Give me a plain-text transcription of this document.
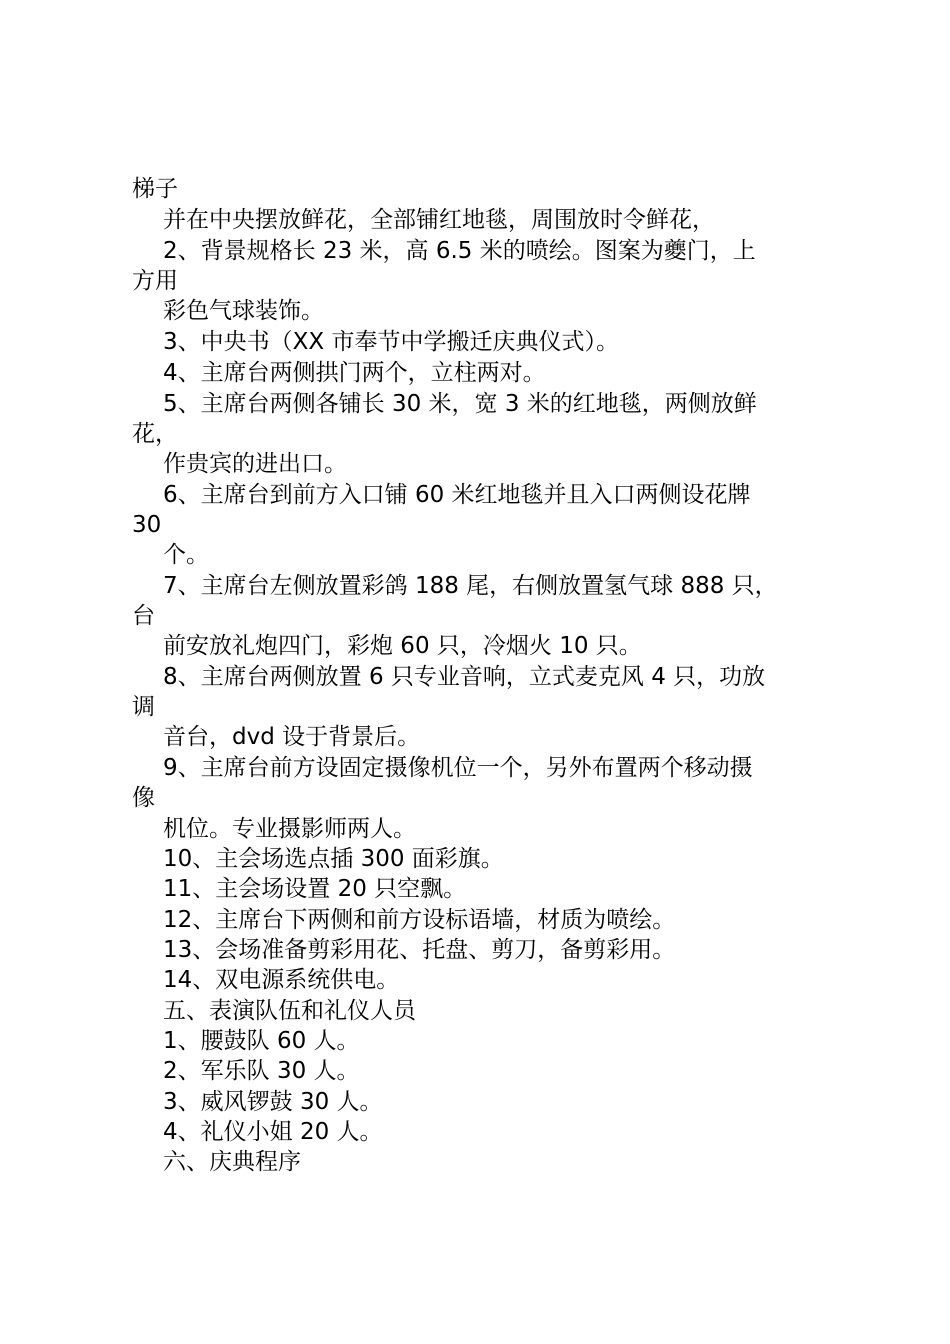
梯子
并在中央摆放鲜花，全部铺红地毯，周围放时令鲜花，
2、背景规格长 23 米，高 6.5 米的喷绘。图案为夔门，上
方用
彩色气球装饰。
3、中央书（XX 市奉节中学搬迁庆典仪式）。
4、主席台两侧拱门两个，立柱两对。
5、主席台两侧各铺长 30 米，宽 3 米的红地毯，两侧放鲜
花，
作贵宾的进出口。
6、主席台到前方入口铺 60 米红地毯并且入口两侧设花牌
30
个。
7、主席台左侧放置彩鸽 188 尾，右侧放置氢气球 888 只，
台
前安放礼炮四门，彩炮 60 只，冷烟火 10 只。
8、主席台两侧放置 6 只专业音响，立式麦克风 4 只，功放
调
音台，dvd 设于背景后。
9、主席台前方设固定摄像机位一个，另外布置两个移动摄
像
机位。专业摄影师两人。
10、主会场选点插 300 面彩旗。
11、主会场设置 20 只空飘。
12、主席台下两侧和前方设标语墙，材质为喷绘。
13、会场准备剪彩用花、托盘、剪刀，备剪彩用。
14、双电源系统供电。
五、表演队伍和礼仪人员
1、腰鼓队 60 人。
2、军乐队 30 人。
3、威风锣鼓 30 人。
4、礼仪小姐 20 人。
六、庆典程序
